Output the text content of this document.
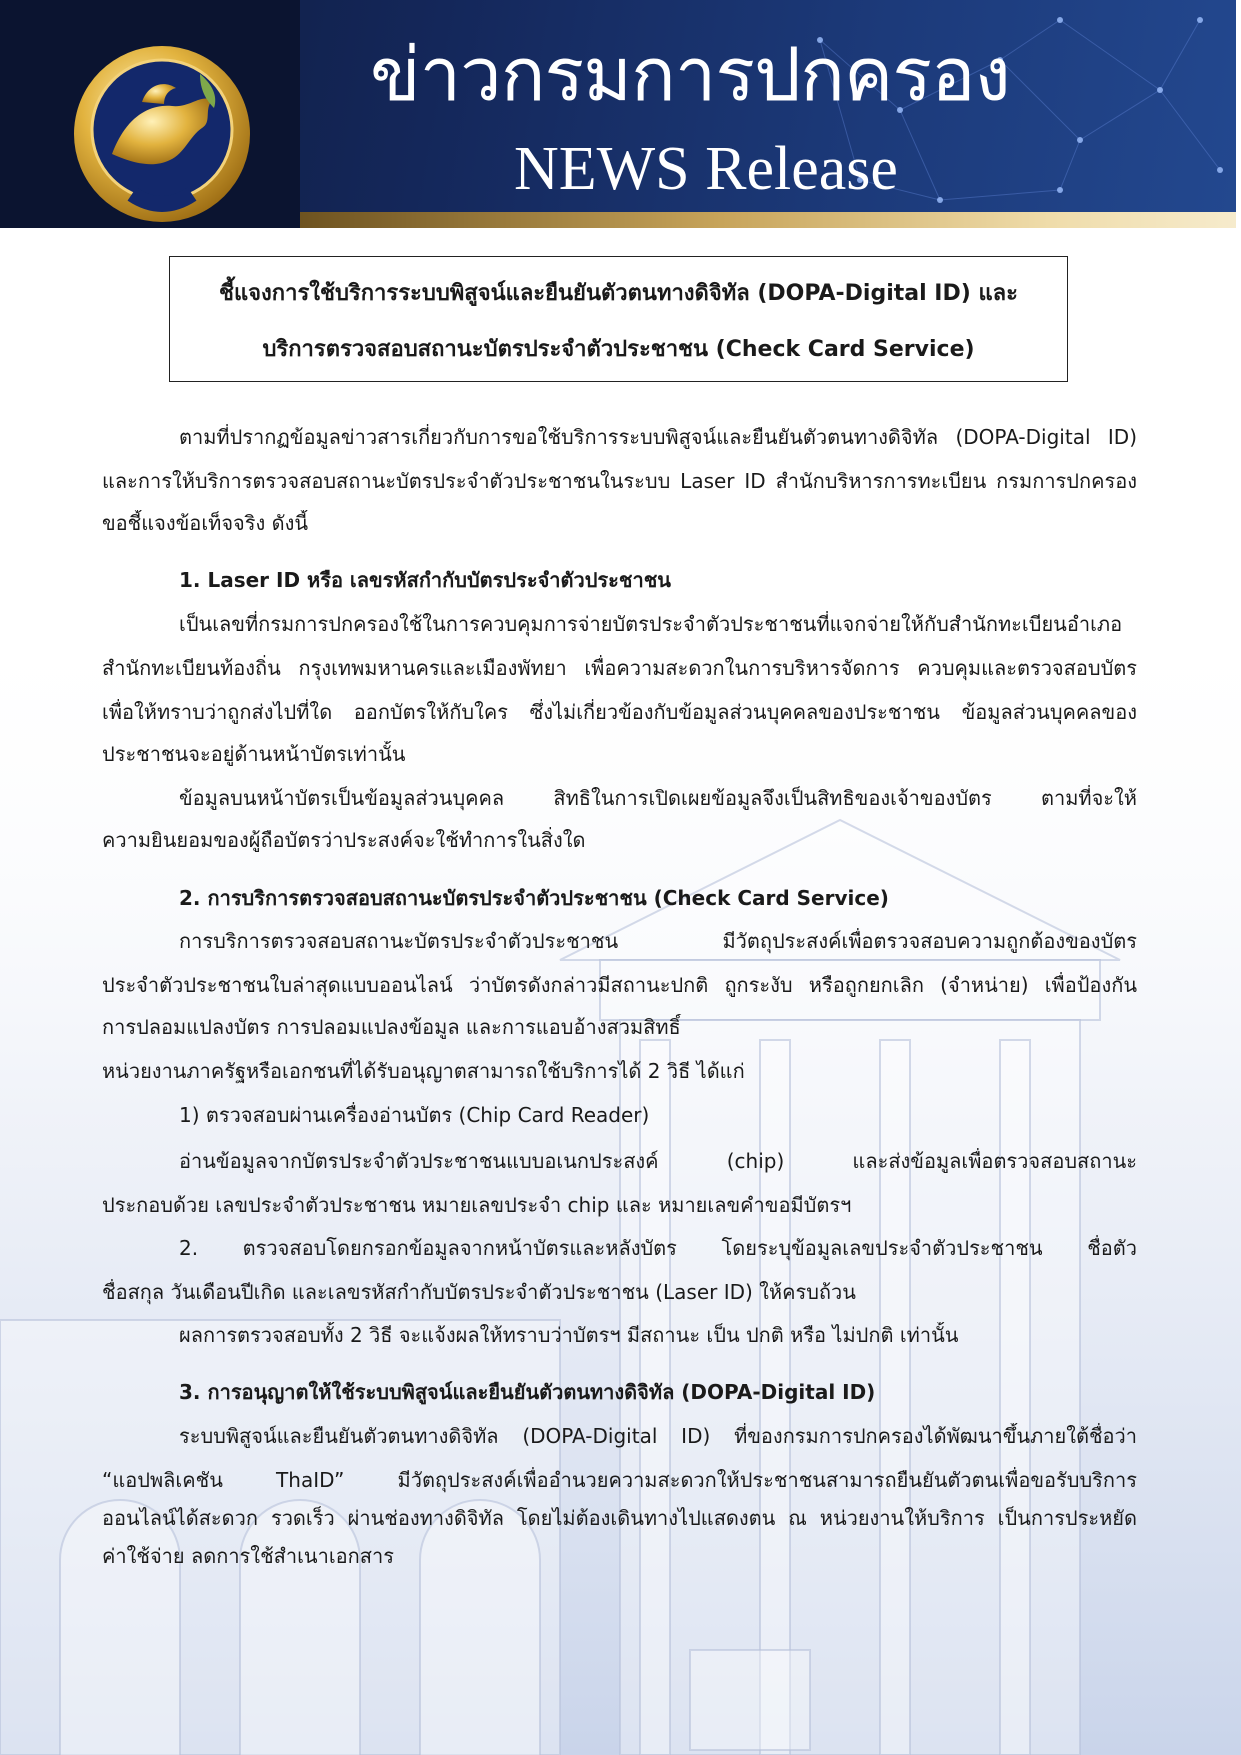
ข่าวกรมการปกครอง
NEWS Release

ชี้แจงการใช้บริการระบบพิสูจน์และยืนยันตัวตนทางดิจิทัล (DOPA-Digital ID) และ

บริการตรวจสอบสถานะบัตรประจำตัวประชาชน (Check Card Service)

ตามที่ปรากฏข้อมูลข่าวสารเกี่ยวกับการขอใช้บริการระบบพิสูจน์และยืนยันตัวตนทางดิจิทัล (DOPA-Digital ID)

และการให้บริการตรวจสอบสถานะบัตรประจำตัวประชาชนในระบบ Laser ID สำนักบริหารการทะเบียน กรมการปกครอง

ขอชี้แจงข้อเท็จจริง ดังนี้

1. Laser ID หรือ เลขรหัสกำกับบัตรประจำตัวประชาชน

เป็นเลขที่กรมการปกครองใช้ในการควบคุมการจ่ายบัตรประจำตัวประชาชนที่แจกจ่ายให้กับสำนักทะเบียนอำเภอ

สำนักทะเบียนท้องถิ่น กรุงเทพมหานครและเมืองพัทยา เพื่อความสะดวกในการบริหารจัดการ ควบคุมและตรวจสอบบัตร

เพื่อให้ทราบว่าถูกส่งไปที่ใด ออกบัตรให้กับใคร ซึ่งไม่เกี่ยวข้องกับข้อมูลส่วนบุคคลของประชาชน ข้อมูลส่วนบุคคลของ

ประชาชนจะอยู่ด้านหน้าบัตรเท่านั้น

ข้อมูลบนหน้าบัตรเป็นข้อมูลส่วนบุคคล สิทธิในการเปิดเผยข้อมูลจึงเป็นสิทธิของเจ้าของบัตร ตามที่จะให้

ความยินยอมของผู้ถือบัตรว่าประสงค์จะใช้ทำการในสิ่งใด

2. การบริการตรวจสอบสถานะบัตรประจำตัวประชาชน (Check Card Service)

การบริการตรวจสอบสถานะบัตรประจำตัวประชาชน มีวัตถุประสงค์เพื่อตรวจสอบความถูกต้องของบัตร

ประจำตัวประชาชนใบล่าสุดแบบออนไลน์ ว่าบัตรดังกล่าวมีสถานะปกติ ถูกระงับ หรือถูกยกเลิก (จำหน่าย) เพื่อป้องกัน

การปลอมแปลงบัตร การปลอมแปลงข้อมูล และการแอบอ้างสวมสิทธิ์

หน่วยงานภาครัฐหรือเอกชนที่ได้รับอนุญาตสามารถใช้บริการได้ 2 วิธี ได้แก่

1) ตรวจสอบผ่านเครื่องอ่านบัตร (Chip Card Reader)

อ่านข้อมูลจากบัตรประจำตัวประชาชนแบบอเนกประสงค์ (chip) และส่งข้อมูลเพื่อตรวจสอบสถานะ

ประกอบด้วย เลขประจำตัวประชาชน หมายเลขประจำ chip และ หมายเลขคำขอมีบัตรฯ

2. ตรวจสอบโดยกรอกข้อมูลจากหน้าบัตรและหลังบัตร โดยระบุข้อมูลเลขประจำตัวประชาชน ชื่อตัว

ชื่อสกุล วันเดือนปีเกิด และเลขรหัสกำกับบัตรประจำตัวประชาชน (Laser ID) ให้ครบถ้วน

ผลการตรวจสอบทั้ง 2 วิธี จะแจ้งผลให้ทราบว่าบัตรฯ มีสถานะ เป็น ปกติ หรือ ไม่ปกติ เท่านั้น

3. การอนุญาตให้ใช้ระบบพิสูจน์และยืนยันตัวตนทางดิจิทัล (DOPA-Digital ID)

ระบบพิสูจน์และยืนยันตัวตนทางดิจิทัล (DOPA-Digital ID) ที่ของกรมการปกครองได้พัฒนาขึ้นภายใต้ชื่อว่า

“แอปพลิเคชัน ThaID” มีวัตถุประสงค์เพื่ออำนวยความสะดวกให้ประชาชนสามารถยืนยันตัวตนเพื่อขอรับบริการ

ออนไลน์ได้สะดวก รวดเร็ว ผ่านช่องทางดิจิทัล โดยไม่ต้องเดินทางไปแสดงตน ณ หน่วยงานให้บริการ เป็นการประหยัด

ค่าใช้จ่าย ลดการใช้สำเนาเอกสาร
